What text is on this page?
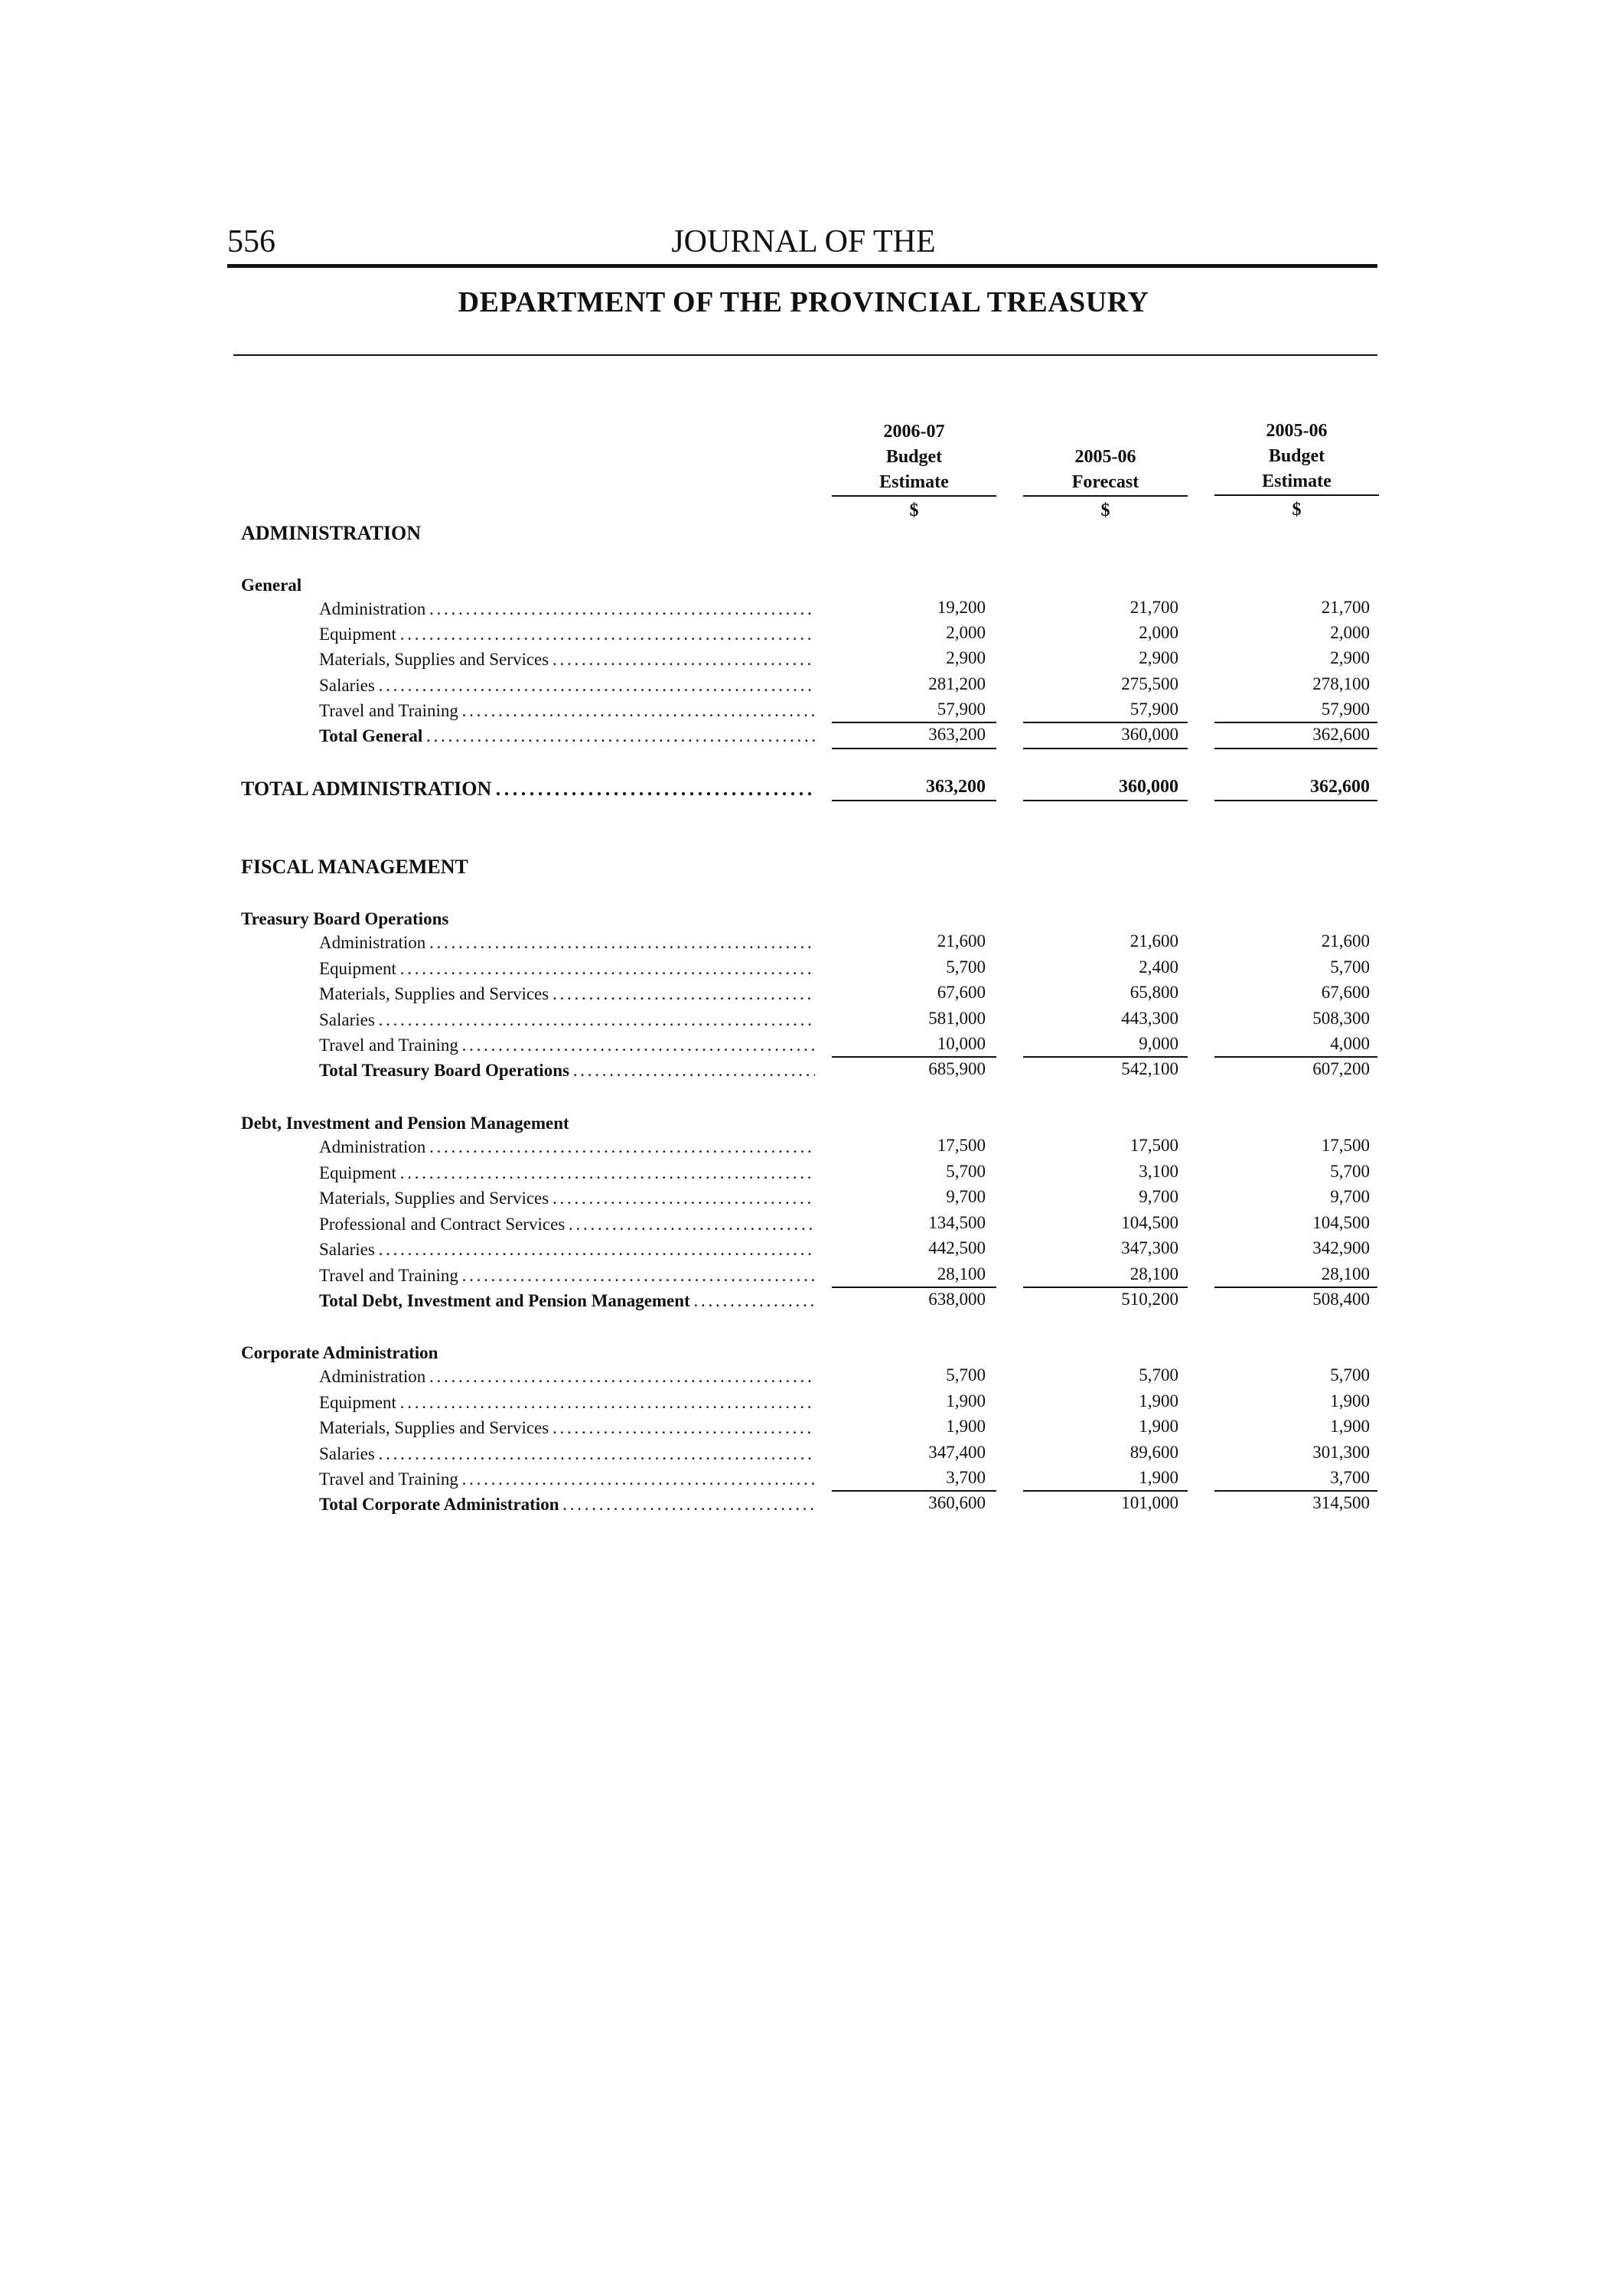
556	JOURNAL OF THE
DEPARTMENT OF THE PROVINCIAL TREASURY
2006-07
Budget
Estimate
$
2005-06
Forecast
$
2005-06
Budget
Estimate
$
ADMINISTRATION
General
Administration . . .	19,200	21,700	21,700
Equipment . . .	2,000	2,000	2,000
Materials, Supplies and Services . . .	2,900	2,900	2,900
Salaries . . .	281,200	275,500	278,100
Travel and Training . . .	57,900	57,900	57,900
Total General . . .	363,200	360,000	362,600
TOTAL ADMINISTRATION . . .	363,200	360,000	362,600
FISCAL MANAGEMENT
Treasury Board Operations
Administration . . .	21,600	21,600	21,600
Equipment . . .	5,700	2,400	5,700
Materials, Supplies and Services . . .	67,600	65,800	67,600
Salaries . . .	581,000	443,300	508,300
Travel and Training . . .	10,000	9,000	4,000
Total Treasury Board Operations . . .	685,900	542,100	607,200
Debt, Investment and Pension Management
Administration . . .	17,500	17,500	17,500
Equipment . . .	5,700	3,100	5,700
Materials, Supplies and Services . . .	9,700	9,700	9,700
Professional and Contract Services . . .	134,500	104,500	104,500
Salaries . . .	442,500	347,300	342,900
Travel and Training . . .	28,100	28,100	28,100
Total Debt, Investment and Pension Management . . .	638,000	510,200	508,400
Corporate Administration
Administration . . .	5,700	5,700	5,700
Equipment . . .	1,900	1,900	1,900
Materials, Supplies and Services . . .	1,900	1,900	1,900
Salaries . . .	347,400	89,600	301,300
Travel and Training . . .	3,700	1,900	3,700
Total Corporate Administration . . .	360,600	101,000	314,500
